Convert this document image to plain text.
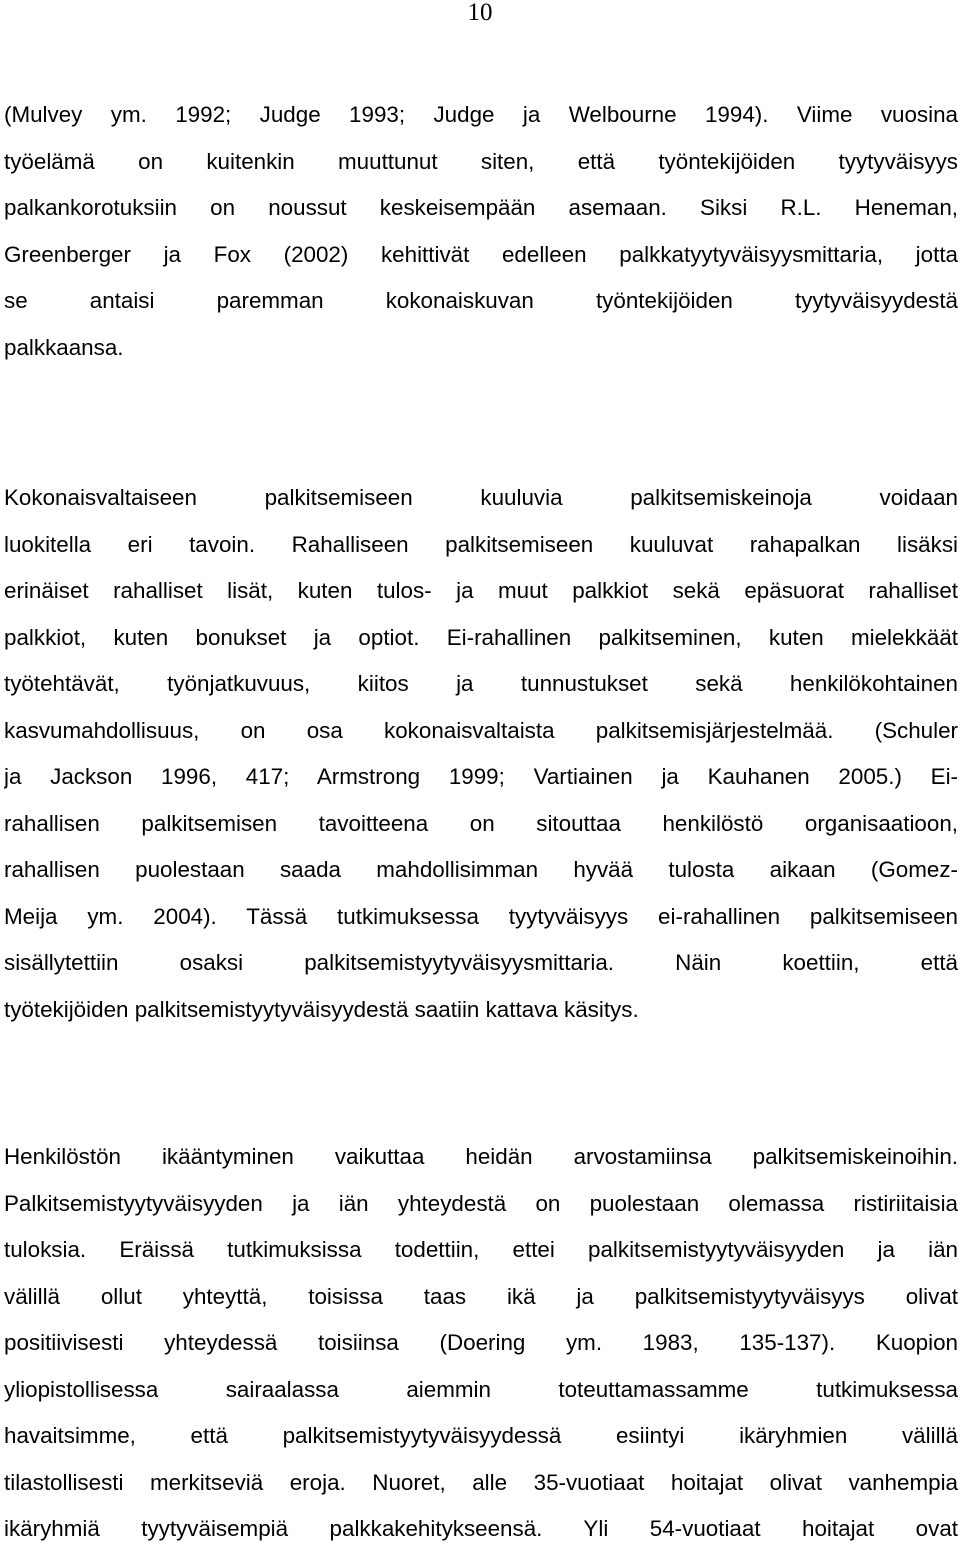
10
(Mulvey ym. 1992; Judge 1993; Judge ja Welbourne 1994). Viime vuosina
työelämä on kuitenkin muuttunut siten, että työntekijöiden tyytyväisyys
palkankorotuksiin on noussut keskeisempään asemaan. Siksi R.L. Heneman,
Greenberger ja Fox (2002) kehittivät edelleen palkkatyytyväisyysmittaria, jotta
se antaisi paremman kokonaiskuvan työntekijöiden tyytyväisyydestä
palkkaansa.
Kokonaisvaltaiseen palkitsemiseen kuuluvia palkitsemiskeinoja voidaan
luokitella eri tavoin. Rahalliseen palkitsemiseen kuuluvat rahapalkan lisäksi
erinäiset rahalliset lisät, kuten tulos- ja muut palkkiot sekä epäsuorat rahalliset
palkkiot, kuten bonukset ja optiot. Ei-rahallinen palkitseminen, kuten mielekkäät
työtehtävät, työnjatkuvuus, kiitos ja tunnustukset sekä henkilökohtainen
kasvumahdollisuus, on osa kokonaisvaltaista palkitsemisjärjestelmää. (Schuler
ja Jackson 1996, 417; Armstrong 1999; Vartiainen ja Kauhanen 2005.) Ei-
rahallisen palkitsemisen tavoitteena on sitouttaa henkilöstö organisaatioon,
rahallisen puolestaan saada mahdollisimman hyvää tulosta aikaan (Gomez-
Meija ym. 2004). Tässä tutkimuksessa tyytyväisyys ei-rahallinen palkitsemiseen
sisällytettiin osaksi palkitsemistyytyväisyysmittaria. Näin koettiin, että
työtekijöiden palkitsemistyytyväisyydestä saatiin kattava käsitys.
Henkilöstön ikääntyminen vaikuttaa heidän arvostamiinsa palkitsemiskeinoihin.
Palkitsemistyytyväisyyden ja iän yhteydestä on puolestaan olemassa ristiriitaisia
tuloksia. Eräissä tutkimuksissa todettiin, ettei palkitsemistyytyväisyyden ja iän
välillä ollut yhteyttä, toisissa taas ikä ja palkitsemistyytyväisyys olivat
positiivisesti yhteydessä toisiinsa (Doering ym. 1983, 135-137). Kuopion
yliopistollisessa sairaalassa aiemmin toteuttamassamme tutkimuksessa
havaitsimme, että palkitsemistyytyväisyydessä esiintyi ikäryhmien välillä
tilastollisesti merkitseviä eroja. Nuoret, alle 35-vuotiaat hoitajat olivat vanhempia
ikäryhmiä tyytyväisempiä palkkakehitykseensä. Yli 54-vuotiaat hoitajat ovat
